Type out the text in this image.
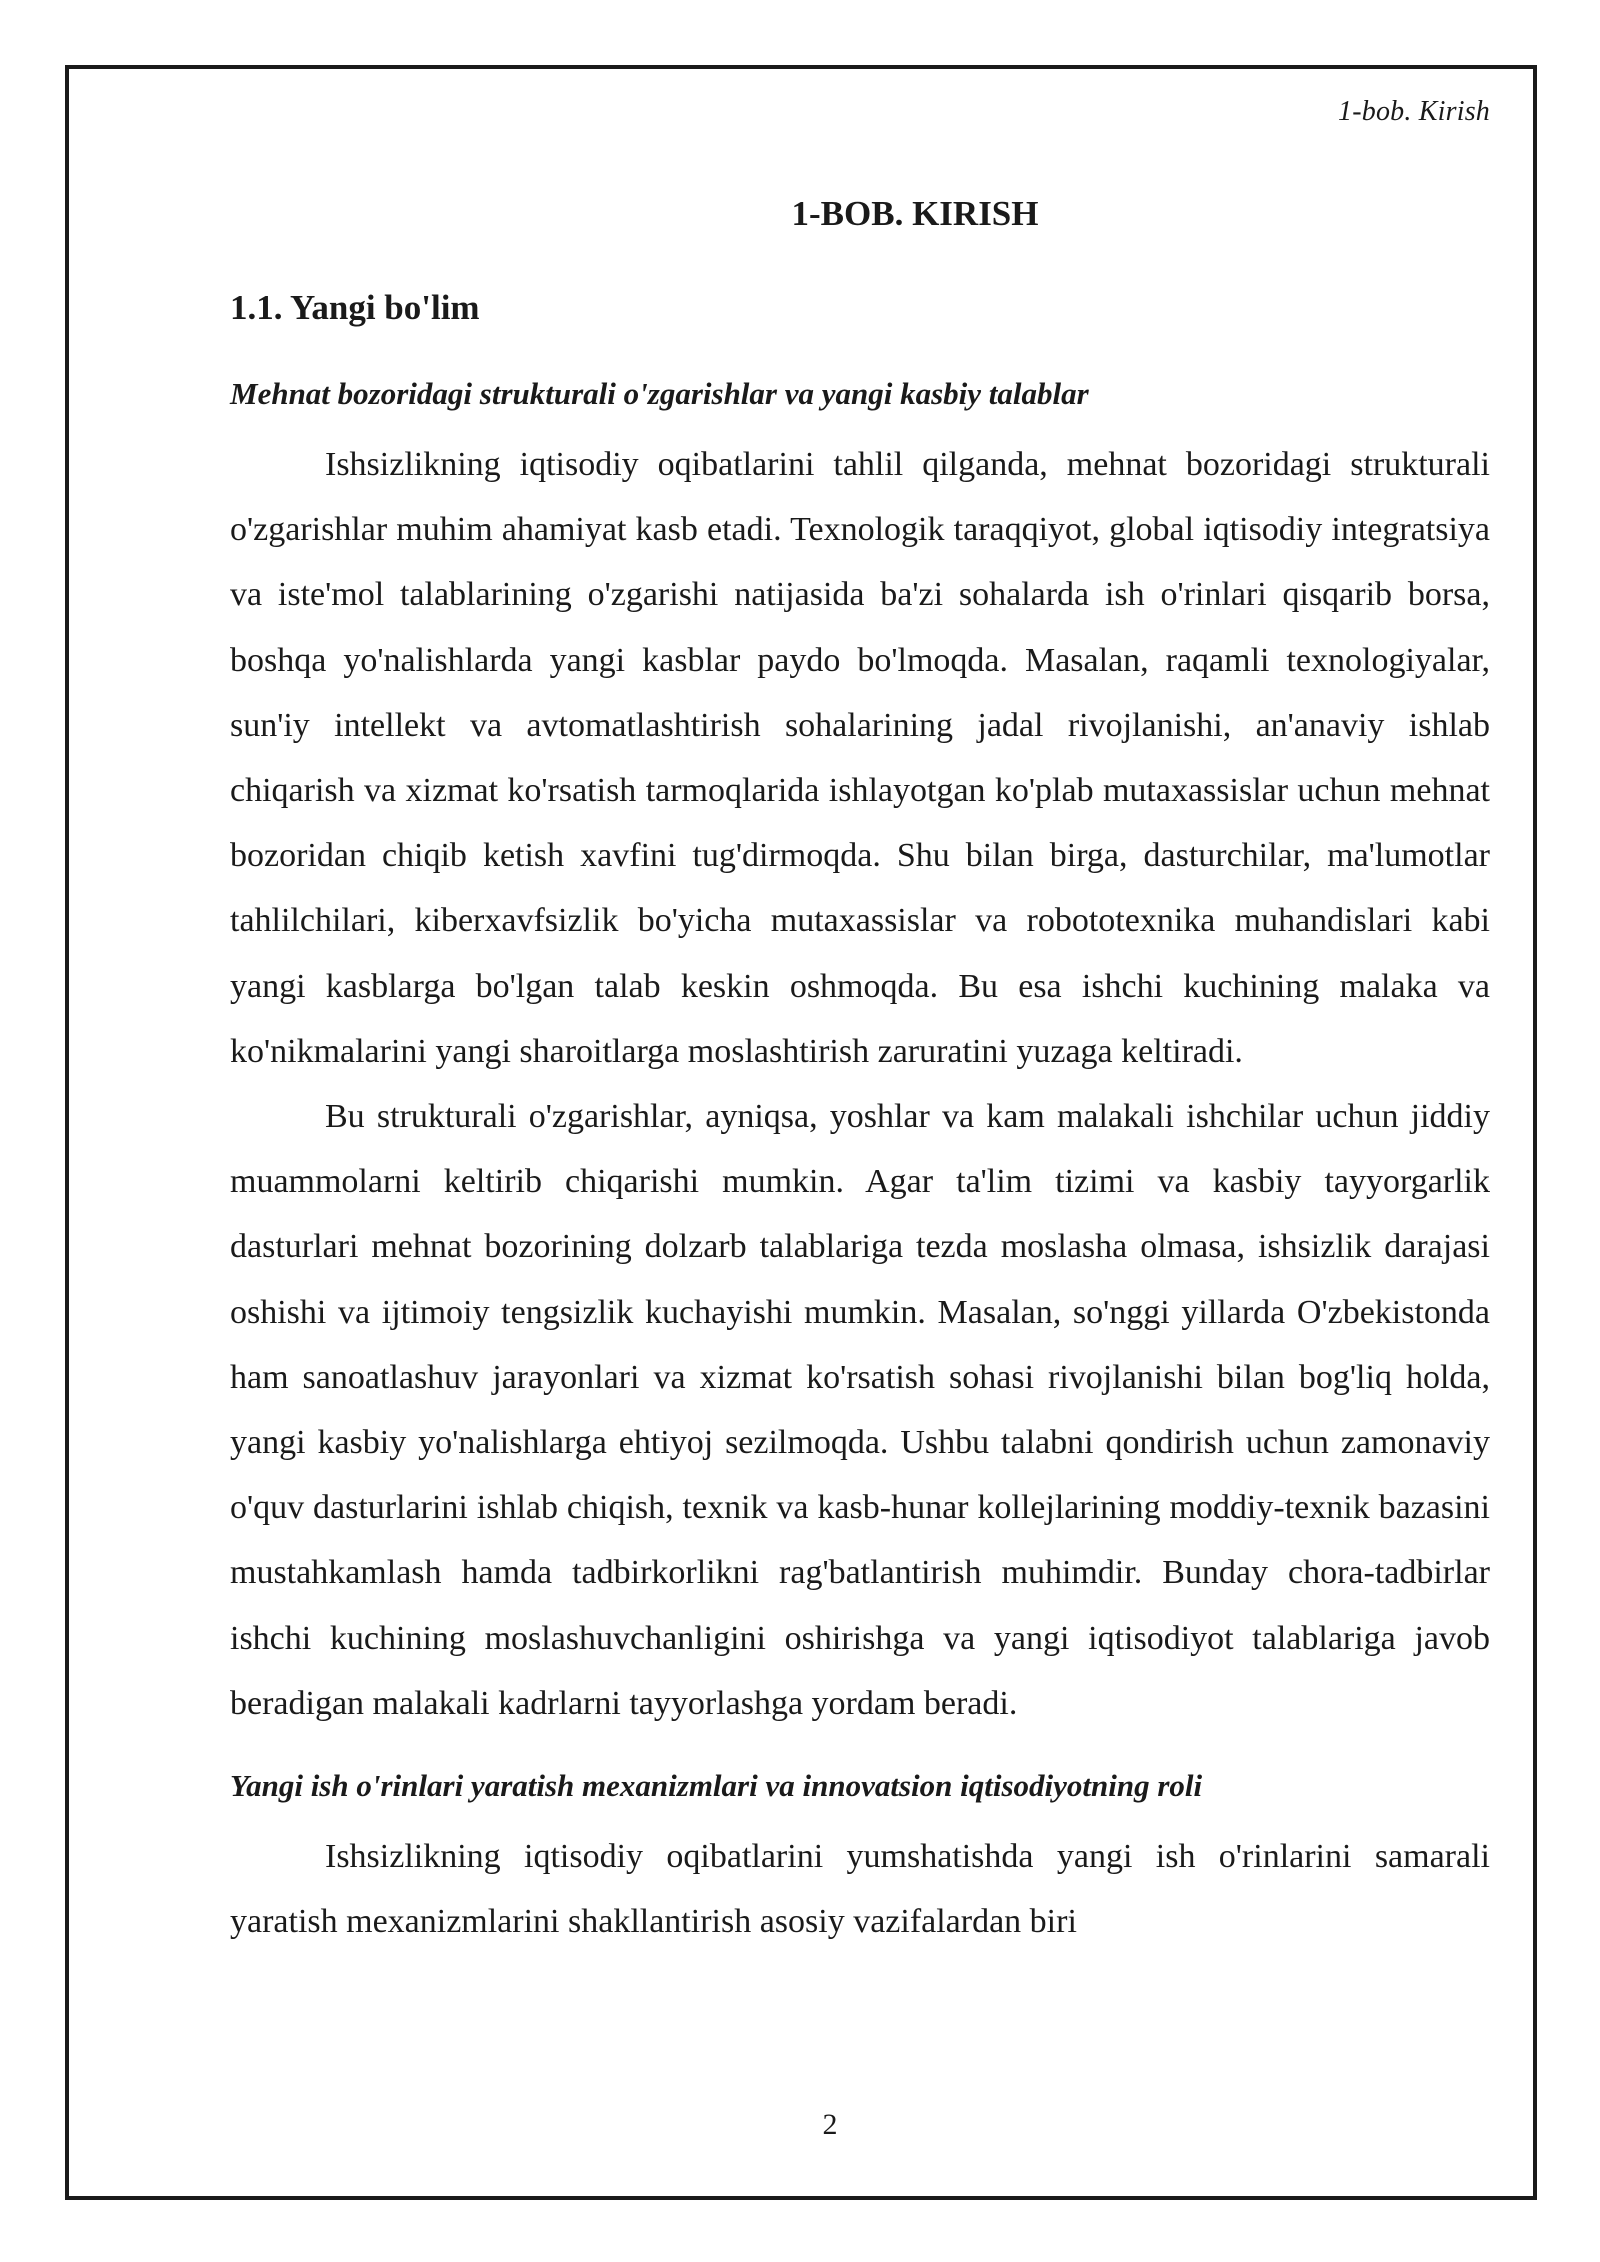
1-bob. Kirish
1-BOB. KIRISH
1.1. Yangi bo'lim
Mehnat bozoridagi strukturali o'zgarishlar va yangi kasbiy talablar

Ishsizlikning iqtisodiy oqibatlarini tahlil qilganda, mehnat bozoridagi strukturali o'zgarishlar muhim ahamiyat kasb etadi. Texnologik taraqqiyot, global iqtisodiy integratsiya va iste'mol talablarining o'zgarishi natijasida ba'zi sohalarda ish o'rinlari qisqarib borsa, boshqa yo'nalishlarda yangi kasblar paydo bo'lmoqda. Masalan, raqamli texnologiyalar, sun'iy intellekt va avtomatlashtirish sohalarining jadal rivojlanishi, an'anaviy ishlab chiqarish va xizmat ko'rsatish tarmoqlarida ishlayotgan ko'plab mutaxassislar uchun mehnat bozoridan chiqib ketish xavfini tug'dirmoqda. Shu bilan birga, dasturchilar, ma'lumotlar tahlilchilari, kiberxavfsizlik bo'yicha mutaxassislar va robototexnika muhandislari kabi yangi kasblarga bo'lgan talab keskin oshmoqda. Bu esa ishchi kuchining malaka va ko'nikmalarini yangi sharoitlarga moslashtirish zaruratini yuzaga keltiradi.

Bu strukturali o'zgarishlar, ayniqsa, yoshlar va kam malakali ishchilar uchun jiddiy muammolarni keltirib chiqarishi mumkin. Agar ta'lim tizimi va kasbiy tayyorgarlik dasturlari mehnat bozorining dolzarb talablariga tezda moslasha olmasa, ishsizlik darajasi oshishi va ijtimoiy tengsizlik kuchayishi mumkin. Masalan, so'nggi yillarda O'zbekistonda ham sanoatlashuv jarayonlari va xizmat ko'rsatish sohasi rivojlanishi bilan bog'liq holda, yangi kasbiy yo'nalishlarga ehtiyoj sezilmoqda. Ushbu talabni qondirish uchun zamonaviy o'quv dasturlarini ishlab chiqish, texnik va kasb-hunar kollejlarining moddiy-texnik bazasini mustahkamlash hamda tadbirkorlikni rag'batlantirish muhimdir. Bunday chora-tadbirlar ishchi kuchining moslashuvchanligini oshirishga va yangi iqtisodiyot talablariga javob beradigan malakali kadrlarni tayyorlashga yordam beradi.

Yangi ish o'rinlari yaratish mexanizmlari va innovatsion iqtisodiyotning roli

Ishsizlikning iqtisodiy oqibatlarini yumshatishda yangi ish o'rinlarini samarali yaratish mexanizmlarini shakllantirish asosiy vazifalardan biri

2
